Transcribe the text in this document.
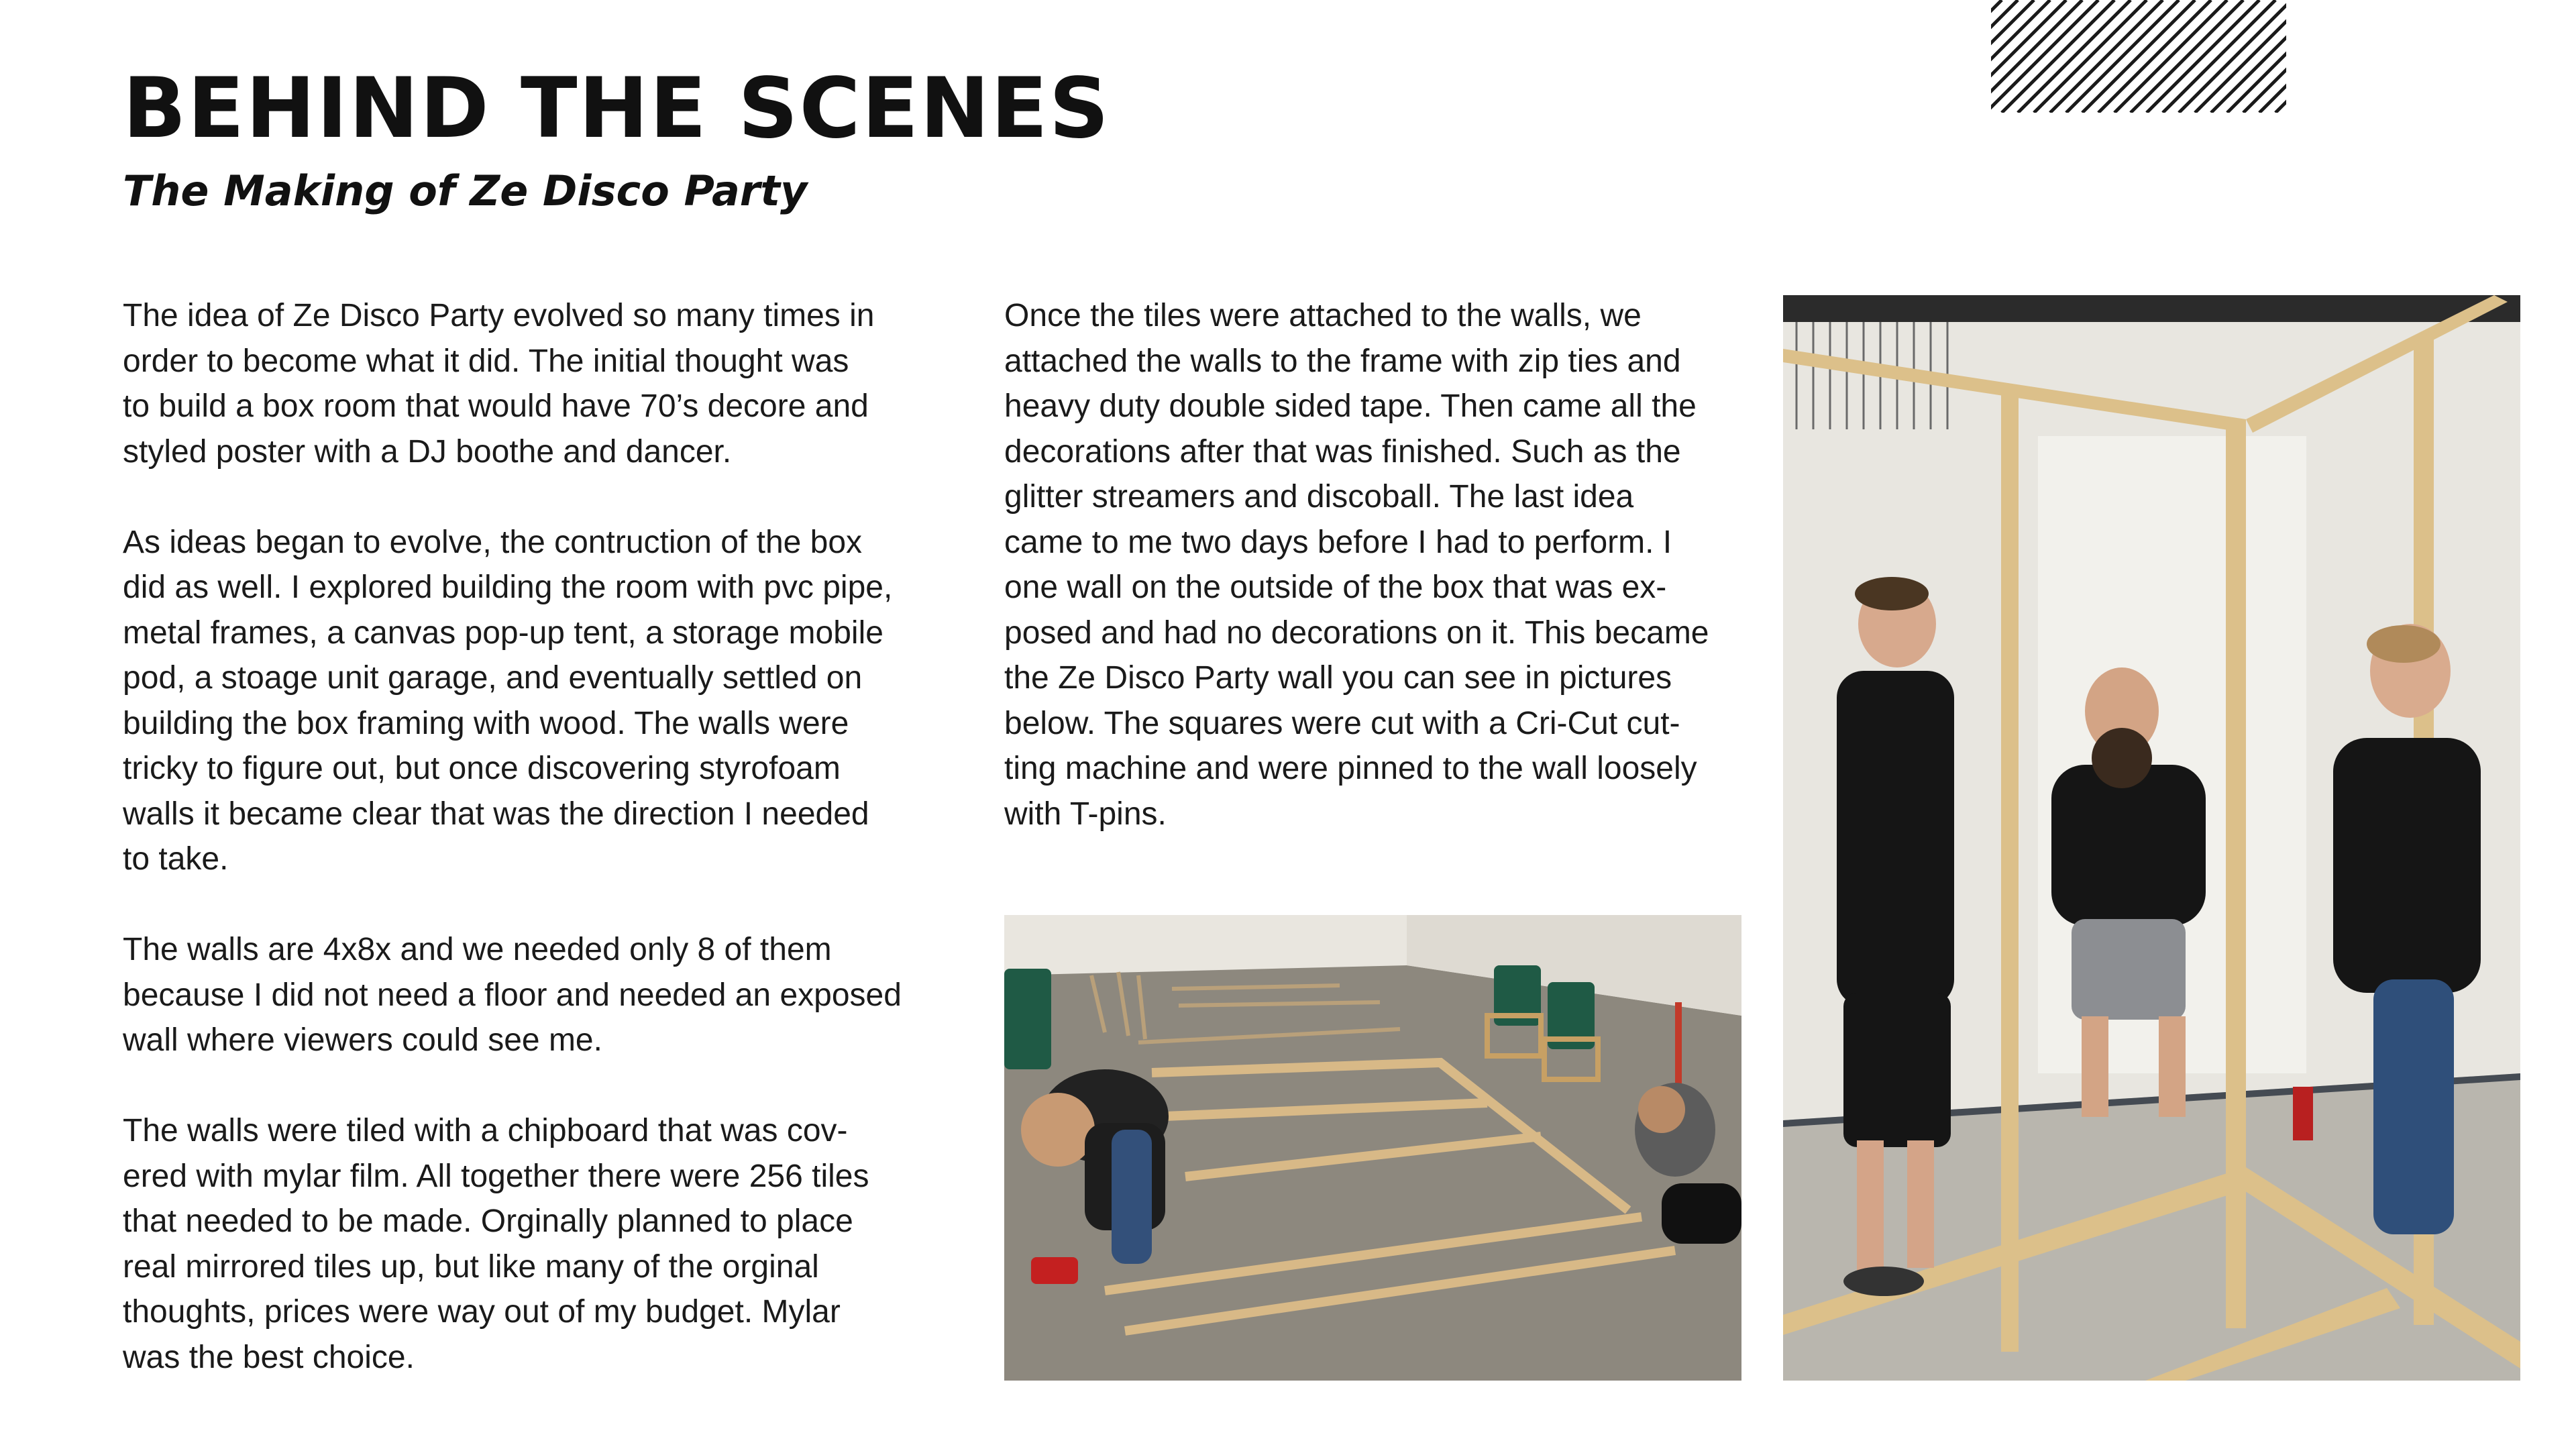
BEHIND THE SCENES
The Making of Ze Disco Party

The idea of Ze Disco Party evolved so many times in
order to become what it did. The initial thought was
to build a box room that would have 70’s decore and
styled poster with a DJ boothe and dancer.

As ideas began to evolve, the contruction of the box
did as well. I explored building the room with pvc pipe,
metal frames, a canvas pop-up tent, a storage mobile
pod, a stoage unit garage, and eventually settled on
building the box framing with wood. The walls were
tricky to figure out, but once discovering styrofoam
walls it became clear that was the direction I needed
to take.

The walls are 4x8x and we needed only 8 of them
because I did not need a floor and needed an exposed
wall where viewers could see me.

The walls were tiled with a chipboard that was cov-
ered with mylar film. All together there were 256 tiles
that needed to be made. Orginally planned to place
real mirrored tiles up, but like many of the orginal
thoughts, prices were way out of my budget. Mylar
was the best choice.

Once the tiles were attached to the walls, we
attached the walls to the frame with zip ties and
heavy duty double sided tape. Then came all the
decorations after that was finished. Such as the
glitter streamers and discoball. The last idea
came to me two days before I had to perform. I
one wall on the outside of the box that was ex-
posed and had no decorations on it. This became
the Ze Disco Party wall you can see in pictures
below. The squares were cut with a Cri-Cut cut-
ting machine and were pinned to the wall loosely
with T-pins.
